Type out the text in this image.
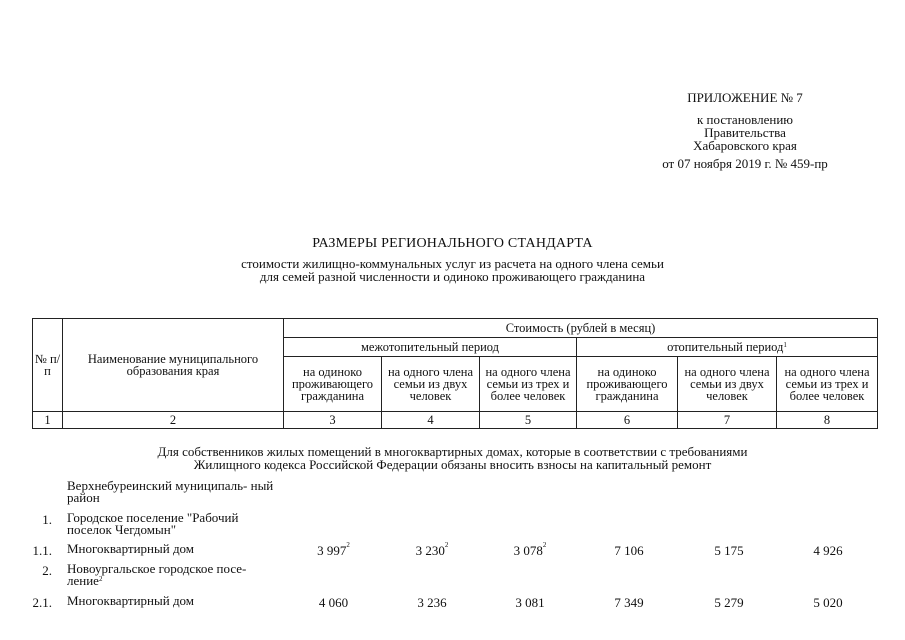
ПРИЛОЖЕНИЕ № 7
к постановлению
Правительства
Хабаровского края
от 07 ноября 2019 г. № 459-пр
РАЗМЕРЫ РЕГИОНАЛЬНОГО СТАНДАРТА
стоимости жилищно-коммунальных услуг из расчета на одного члена семьи
для семей разной численности и одиноко проживающего гражданина
№ п/п	Наименование муниципального образования края	Стоимость (рублей в месяц)					
		межотопительный период			отопительный период$^1$
		на одиноко проживающего гражданина	на одного члена семьи из двух человек	на одного члена семьи из трех и более человек	на одиноко проживающего гражданина	на одного члена семьи из двух человек	на одного члена семьи из трех и более человек
1	2	3	4	5	6	7	8
Для собственников жилых помещений в многоквартирных домах, которые в соответствии с требованиями
Жилищного кодекса Российской Федерации обязаны вносить взносы на капитальный ремонт
Верхнебуреинский муниципаль- ный район
1. Городское поселение "Рабочий поселок Чегдомын"
1.1. Многоквартирный дом	3 $997^2$	3 $230^2$	3 $078^2$	7 106	5 175	4 926
2. Новоургальское городское посе- ление$^2$
2.1. Многоквартирный дом	4 060	3 236	3 081	7 349	5 279	5 020
